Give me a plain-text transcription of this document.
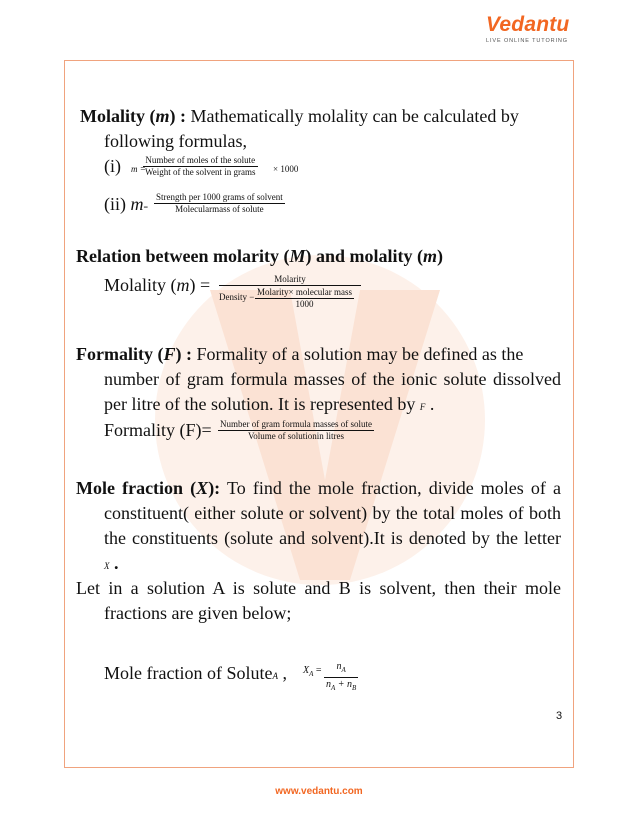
Vedantu
LIVE ONLINE TUTORING
Molality (m) : Mathematically molality can be calculated by
following formulas,
(i) m =
Number of moles of the solute
Weight of the solvent in grams × 1000
(ii) m=
Strength per 1000 grams of solvent
Molecularmass of solute
Relation between molarity (M) and molality (m)
Molality (m) =	Molarity
Density − Molarity× molecular mass
1000
Formality (F) : Formality of a solution may be defined as the
number of gram formula masses of the ionic solute dissolved
per litre of the solution. It is represented by F .
Formality (F)= Number of gram formula masses of solute
Volume of solutionin litres
Mole fraction (X): To find the mole fraction, divide moles of a
constituent( either solute or solvent) by the total moles of both
the constituents (solute and solvent).It is denoted by the letter
X .
Let in a solution A is solute and B is solvent, then their mole
fractions are given below;
Mole fraction of SoluteA , $X_A = \frac{n_A}{n_A + n_B}$
3
www.vedantu.com
